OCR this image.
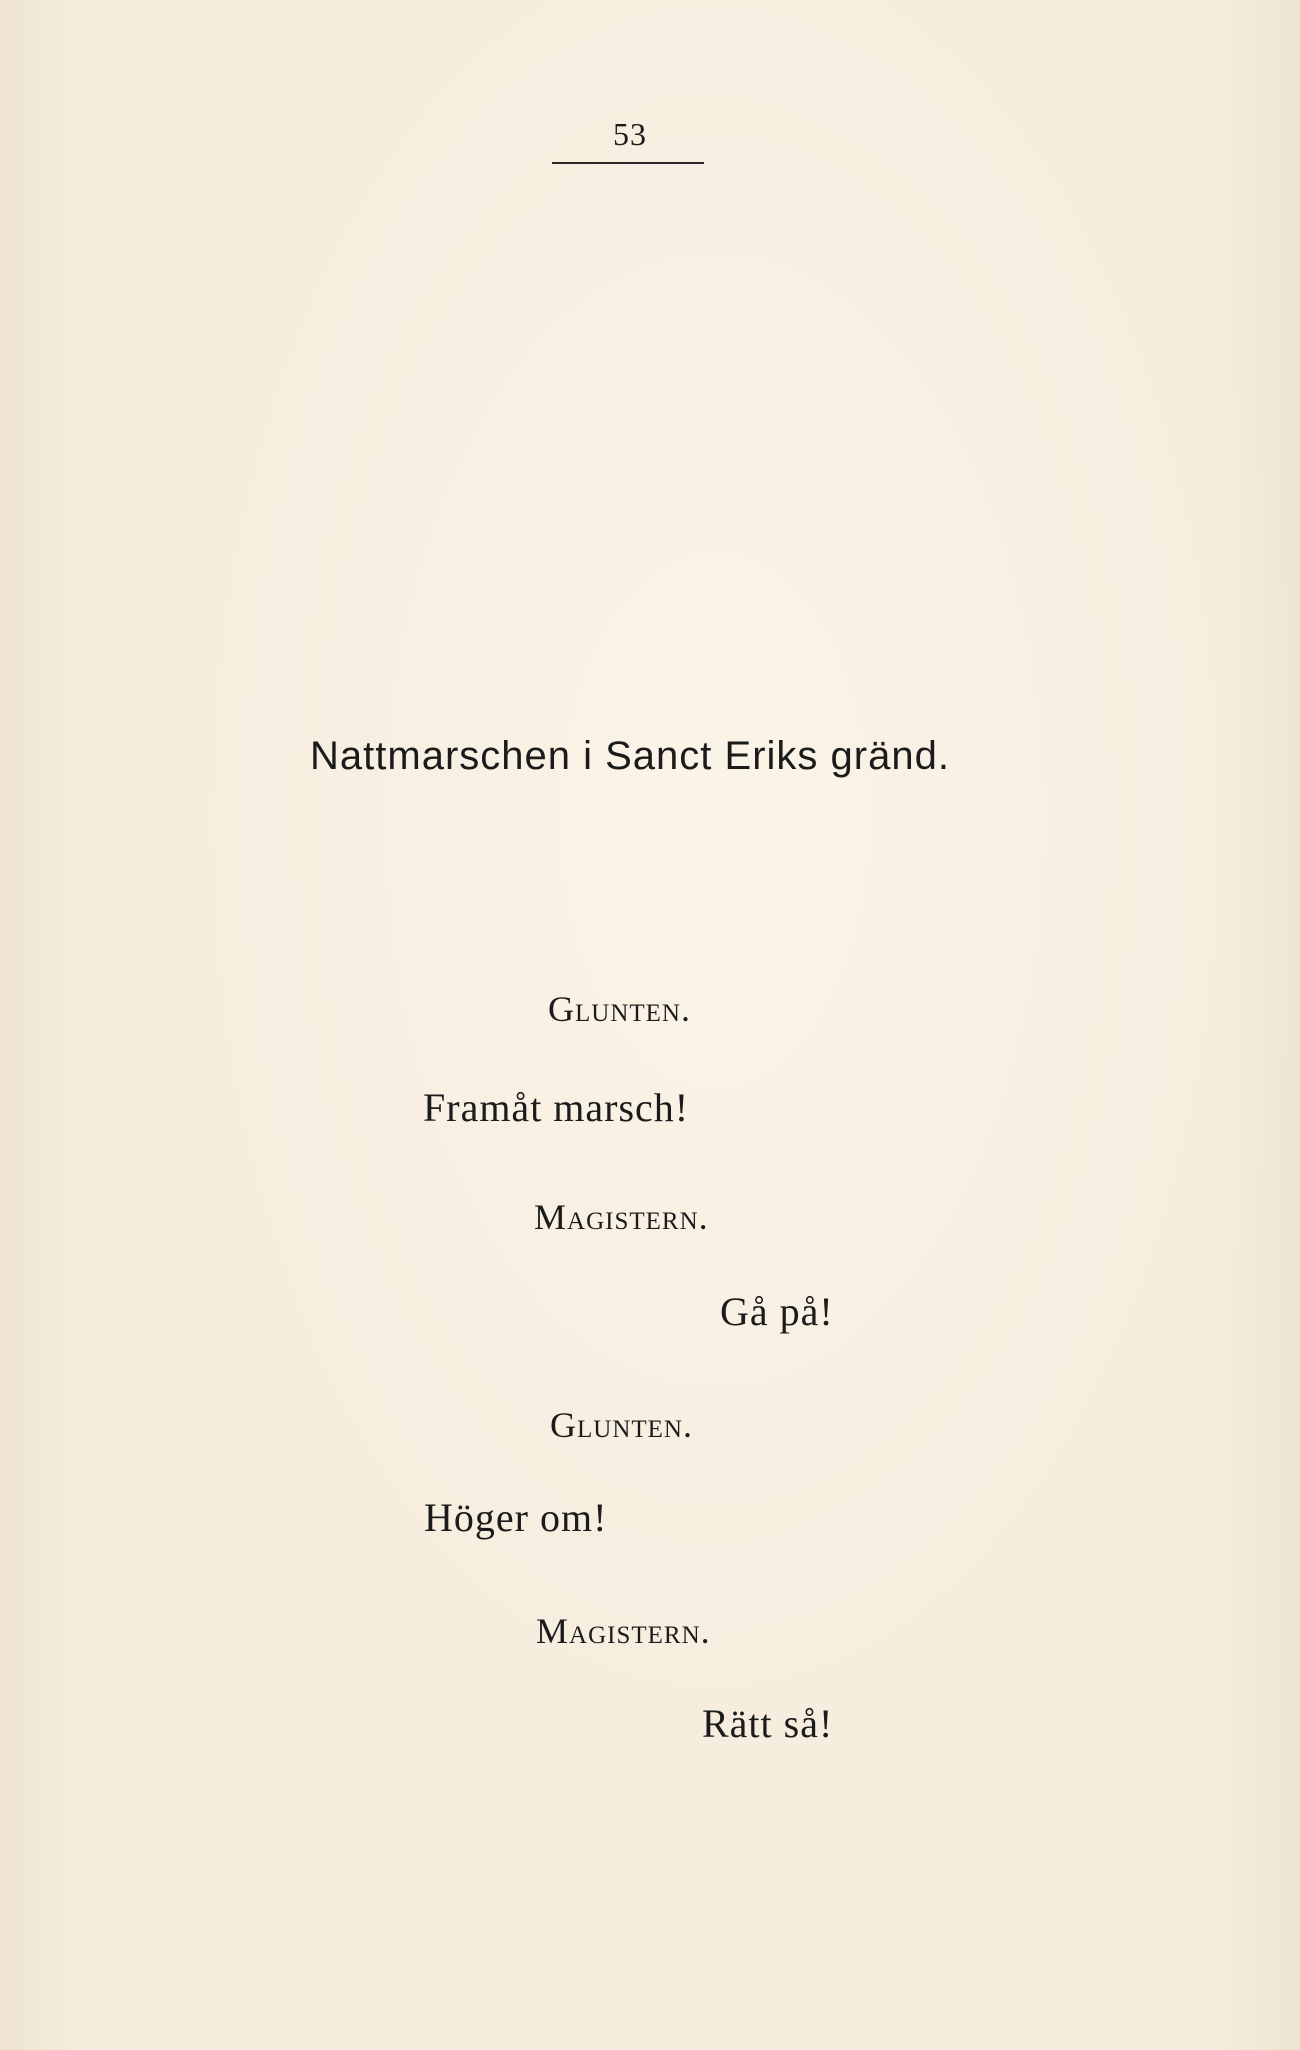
53
Nattmarschen i Sanct Eriks gränd.
Glunten.
Framåt marsch!
Magistern.
Gå på!
Glunten.
Höger om!
Magistern.
Rätt så!
